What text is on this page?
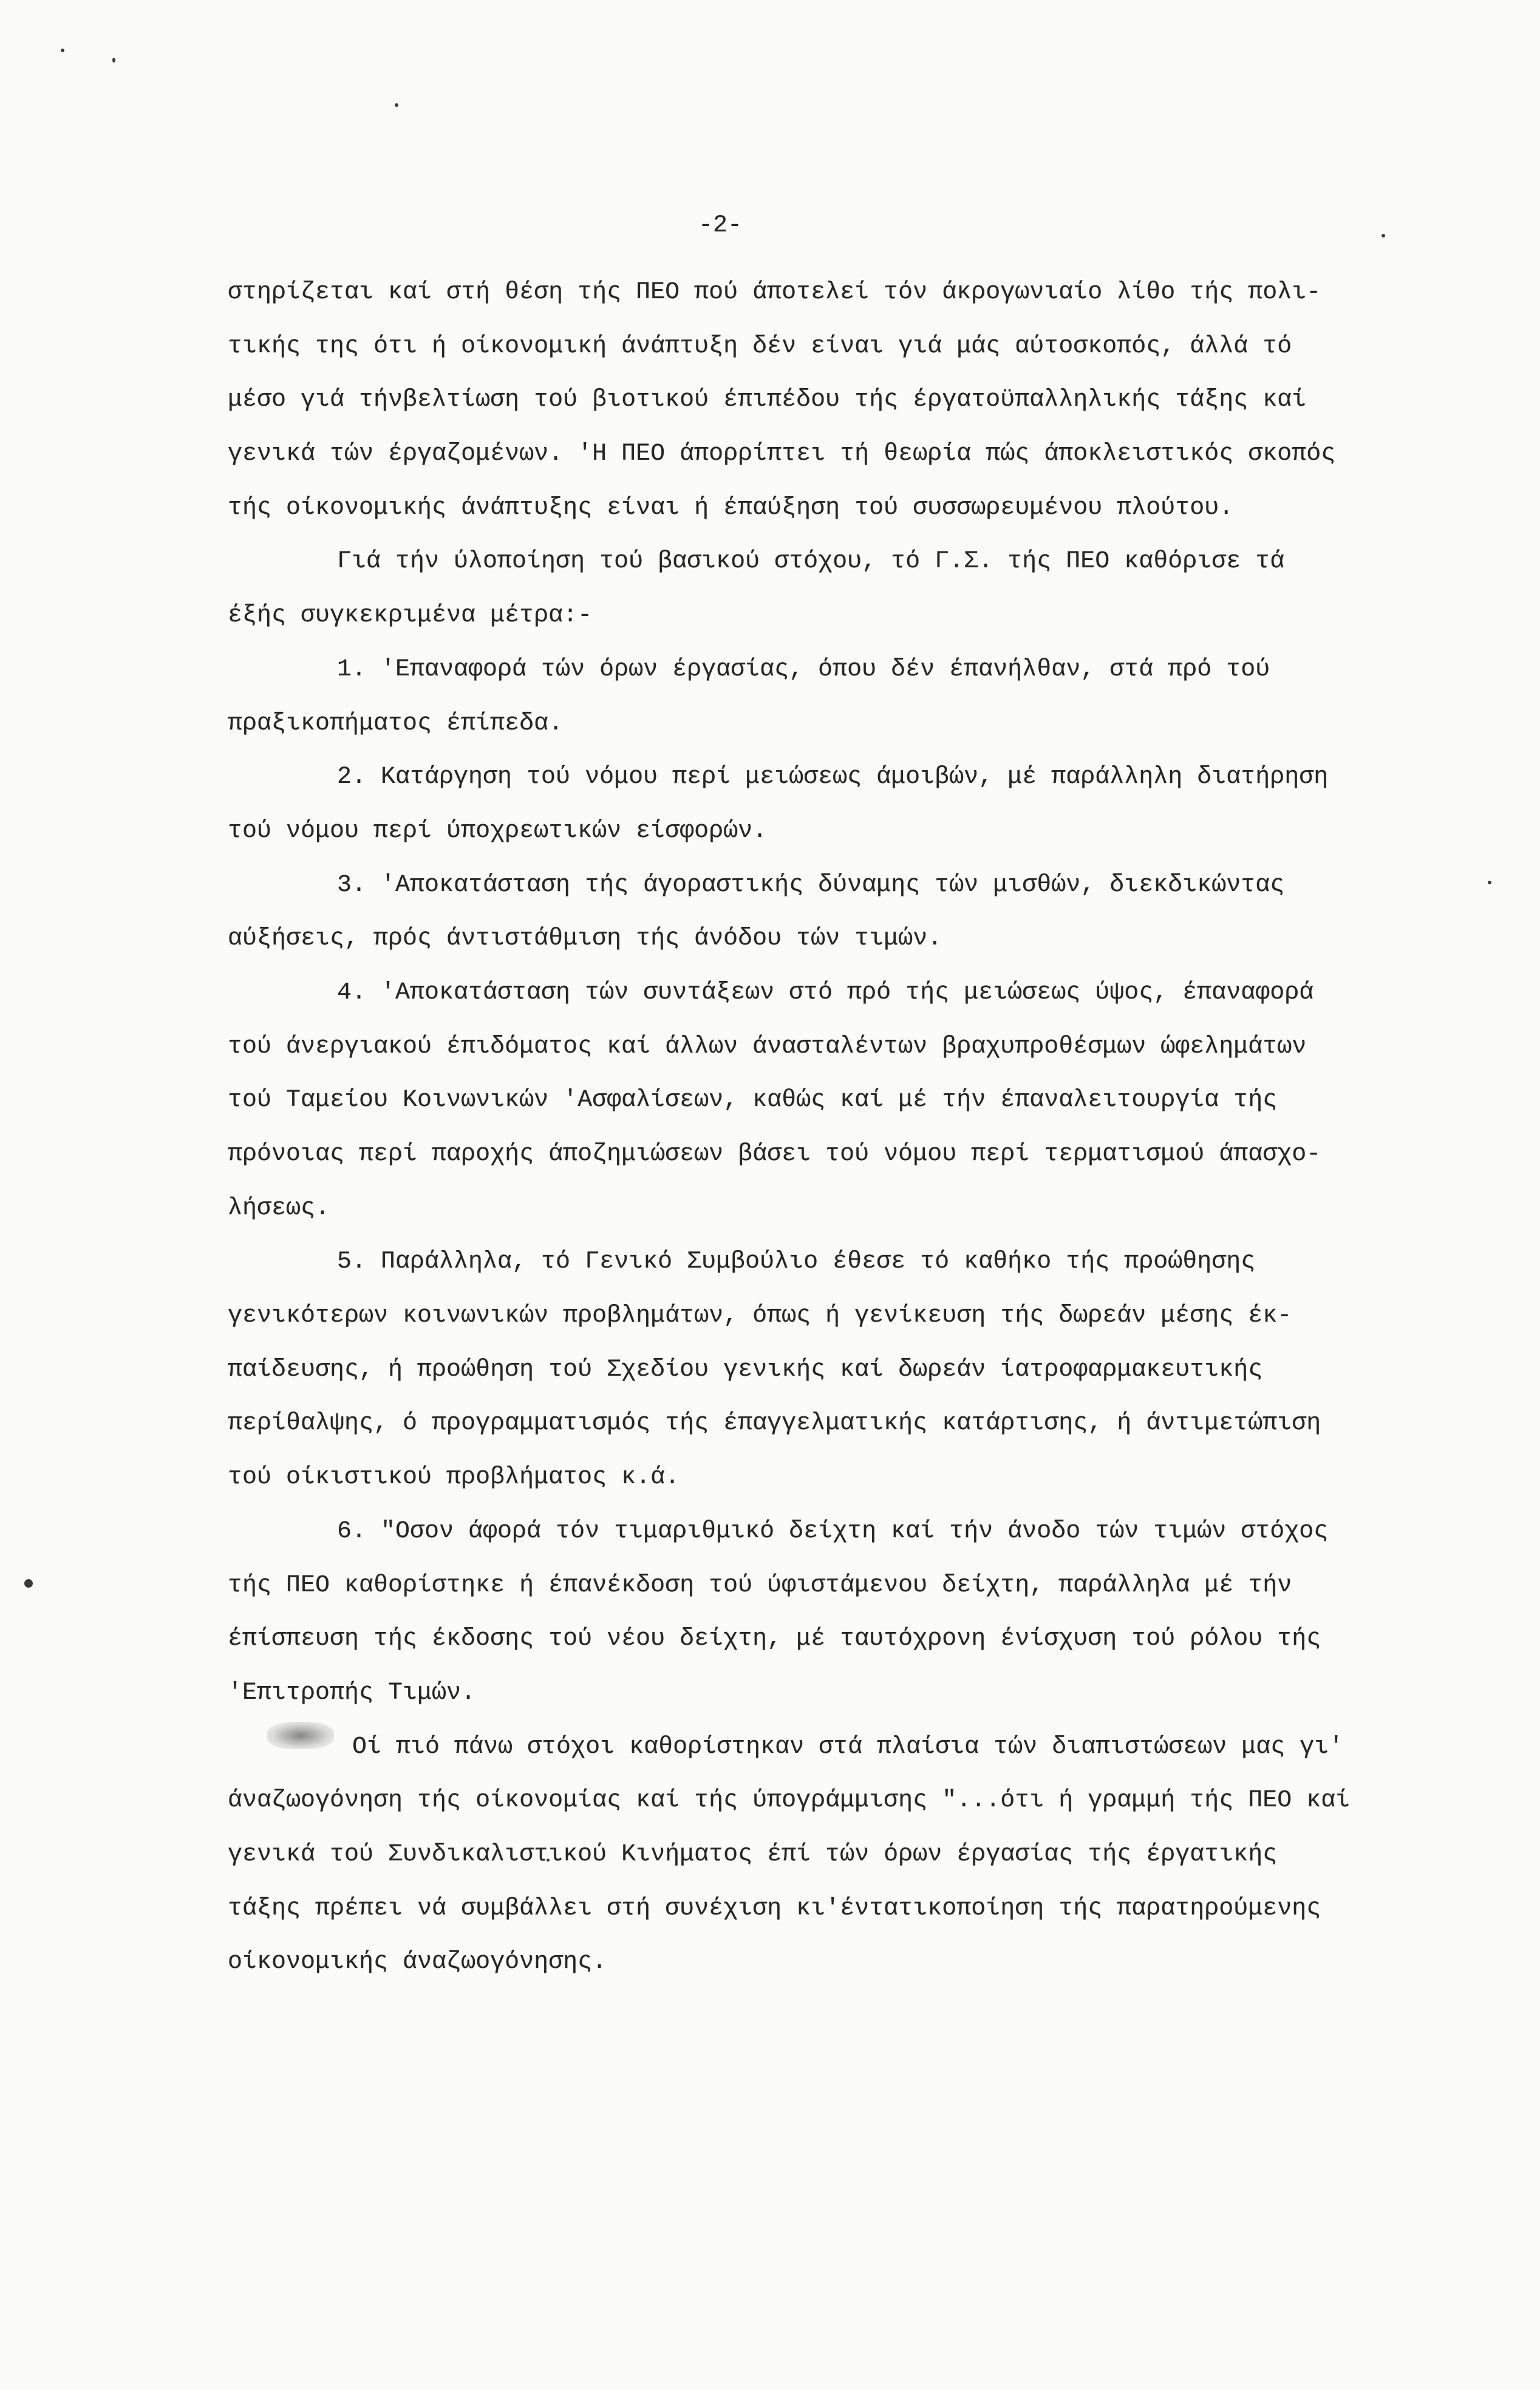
-2-
στηρίζεται καί στή θέση τής ΠΕΟ πού άποτελεί τόν άκρογωνιαίο λίθο τής πολι-
τικής της ότι ή οίκονομική άνάπτυξη δέν είναι γιά μάς αύτοσκοπός, άλλά τό
μέσο γιά τήνβελτίωση τού βιοτικού έπιπέδου τής έργατοϋπαλληλικής τάξης καί
γενικά τών έργαζομένων. 'Η ΠΕΟ άπορρίπτει τή θεωρία πώς άποκλειστικός σκοπός
τής οίκονομικής άνάπτυξης είναι ή έπαύξηση τού συσσωρευμένου πλούτου.
Γιά τήν ύλοποίηση τού βασικού στόχου, τό Γ.Σ. τής ΠΕΟ καθόρισε τά
έξής συγκεκριμένα μέτρα:-
1. 'Επαναφορά τών όρων έργασίας, όπου δέν έπανήλθαν, στά πρό τού
πραξικοπήματος έπίπεδα.
2. Κατάργηση τού νόμου περί μειώσεως άμοιβών, μέ παράλληλη διατήρηση
τού νόμου περί ύποχρεωτικών είσφορών.
3. 'Αποκατάσταση τής άγοραστικής δύναμης τών μισθών, διεκδικώντας
αύξήσεις, πρός άντιστάθμιση τής άνόδου τών τιμών.
4. 'Αποκατάσταση τών συντάξεων στό πρό τής μειώσεως ύψος, έπαναφορά
τού άνεργιακού έπιδόματος καί άλλων άνασταλέντων βραχυπροθέσμων ώφελημάτων
τού Ταμείου Κοινωνικών 'Ασφαλίσεων, καθώς καί μέ τήν έπαναλειτουργία τής
πρόνοιας περί παροχής άποζημιώσεων βάσει τού νόμου περί τερματισμού άπασχο-
λήσεως.
5. Παράλληλα, τό Γενικό Συμβούλιο έθεσε τό καθήκο τής προώθησης
γενικότερων κοινωνικών προβλημάτων, όπως ή γενίκευση τής δωρεάν μέσης έκ-
παίδευσης, ή προώθηση τού Σχεδίου γενικής καί δωρεάν ίατροφαρμακευτικής
περίθαλψης, ό προγραμματισμός τής έπαγγελματικής κατάρτισης, ή άντιμετώπιση
τού οίκιστικού προβλήματος κ.ά.
6. "Οσον άφορά τόν τιμαριθμικό δείχτη καί τήν άνοδο τών τιμών στόχος
τής ΠΕΟ καθορίστηκε ή έπανέκδοση τού ύφιστάμενου δείχτη, παράλληλα μέ τήν
έπίσπευση τής έκδοσης τού νέου δείχτη, μέ ταυτόχρονη ένίσχυση τού ρόλου τής
'Επιτροπής Τιμών.
Οί πιό πάνω στόχοι καθορίστηκαν στά πλαίσια τών διαπιστώσεων μας γι'
άναζωογόνηση τής οίκονομίας καί τής ύπογράμμισης "...ότι ή γραμμή τής ΠΕΟ καί
γενικά τού Συνδικαλιστικού Κινήματος έπί τών όρων έργασίας τής έργατικής
τάξης πρέπει νά συμβάλλει στή συνέχιση κι'έντατικοποίηση τής παρατηρούμενης
οίκονομικής άναζωογόνησης.
